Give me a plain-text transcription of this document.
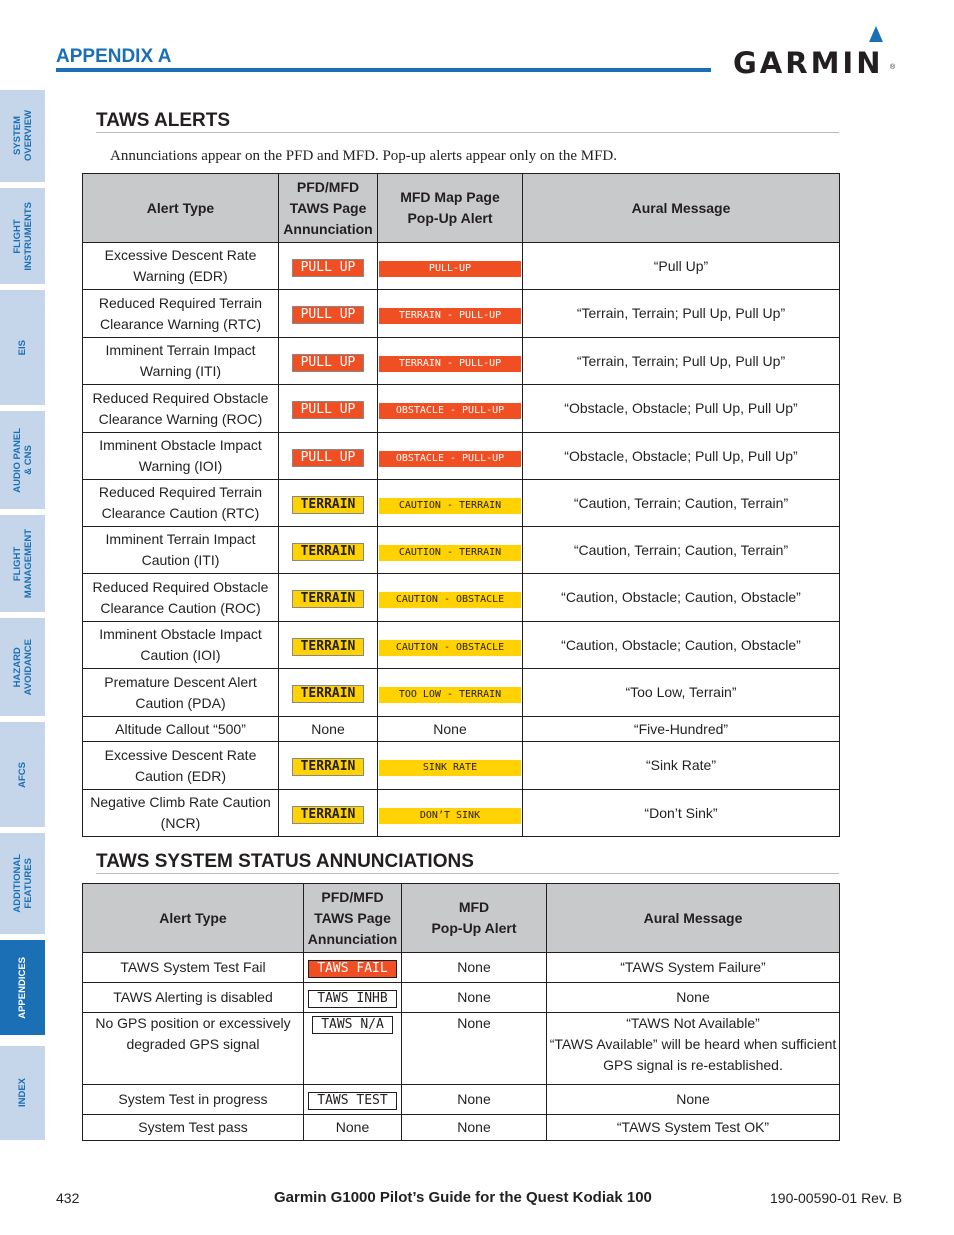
APPENDIX A	GARMIN ®
SYSTEM
OVERVIEW
FLIGHT
INSTRUMENTS
EIS
AUDIO PANEL
& CNS
FLIGHT
MANAGEMENT
HAZARD
AVOIDANCE
AFCS
ADDITIONAL
FEATURES
APPENDICES
INDEX
TAWS ALERTS
Annunciations appear on the PFD and MFD. Pop-up alerts appear only on the MFD.
Alert Type	PFD/MFD
TAWS Page
Annunciation	MFD Map Page
Pop-Up Alert	Aural Message
Excessive Descent Rate
Warning (EDR)	PULL UP	PULL-UP	“Pull Up”
Reduced Required Terrain
Clearance Warning (RTC)	PULL UP	TERRAIN - PULL-UP	“Terrain, Terrain; Pull Up, Pull Up”
Imminent Terrain Impact
Warning (ITI)	PULL UP	TERRAIN - PULL-UP	“Terrain, Terrain; Pull Up, Pull Up”
Reduced Required Obstacle
Clearance Warning (ROC)	PULL UP	OBSTACLE - PULL-UP	“Obstacle, Obstacle; Pull Up, Pull Up”
Imminent Obstacle Impact
Warning (IOI)	PULL UP	OBSTACLE - PULL-UP	“Obstacle, Obstacle; Pull Up, Pull Up”
Reduced Required Terrain
Clearance Caution (RTC)	TERRAIN	CAUTION - TERRAIN	“Caution, Terrain; Caution, Terrain”
Imminent Terrain Impact
Caution (ITI)	TERRAIN	CAUTION - TERRAIN	“Caution, Terrain; Caution, Terrain”
Reduced Required Obstacle
Clearance Caution (ROC)	TERRAIN	CAUTION - OBSTACLE	“Caution, Obstacle; Caution, Obstacle”
Imminent Obstacle Impact
Caution (IOI)	TERRAIN	CAUTION - OBSTACLE	“Caution, Obstacle; Caution, Obstacle”
Premature Descent Alert
Caution (PDA)	TERRAIN	TOO LOW - TERRAIN	“Too Low, Terrain”
Altitude Callout “500”	None	None	“Five-Hundred”
Excessive Descent Rate
Caution (EDR)	TERRAIN	SINK RATE	“Sink Rate”
Negative Climb Rate Caution
(NCR)	TERRAIN	DON’T SINK	“Don’t Sink”
TAWS SYSTEM STATUS ANNUNCIATIONS
Alert Type	PFD/MFD
TAWS Page
Annunciation	MFD
Pop-Up Alert	Aural Message
TAWS System Test Fail	TAWS FAIL	None	“TAWS System Failure”
TAWS Alerting is disabled	TAWS INHB	None	None
No GPS position or excessively
degraded GPS signal	TAWS N/A	None	“TAWS Not Available”
“TAWS Available” will be heard when sufficient
GPS signal is re-established.
System Test in progress	TAWS TEST	None	None
System Test pass	None	None	“TAWS System Test OK”
432	Garmin G1000 Pilot’s Guide for the Quest Kodiak 100	190-00590-01 Rev. B
